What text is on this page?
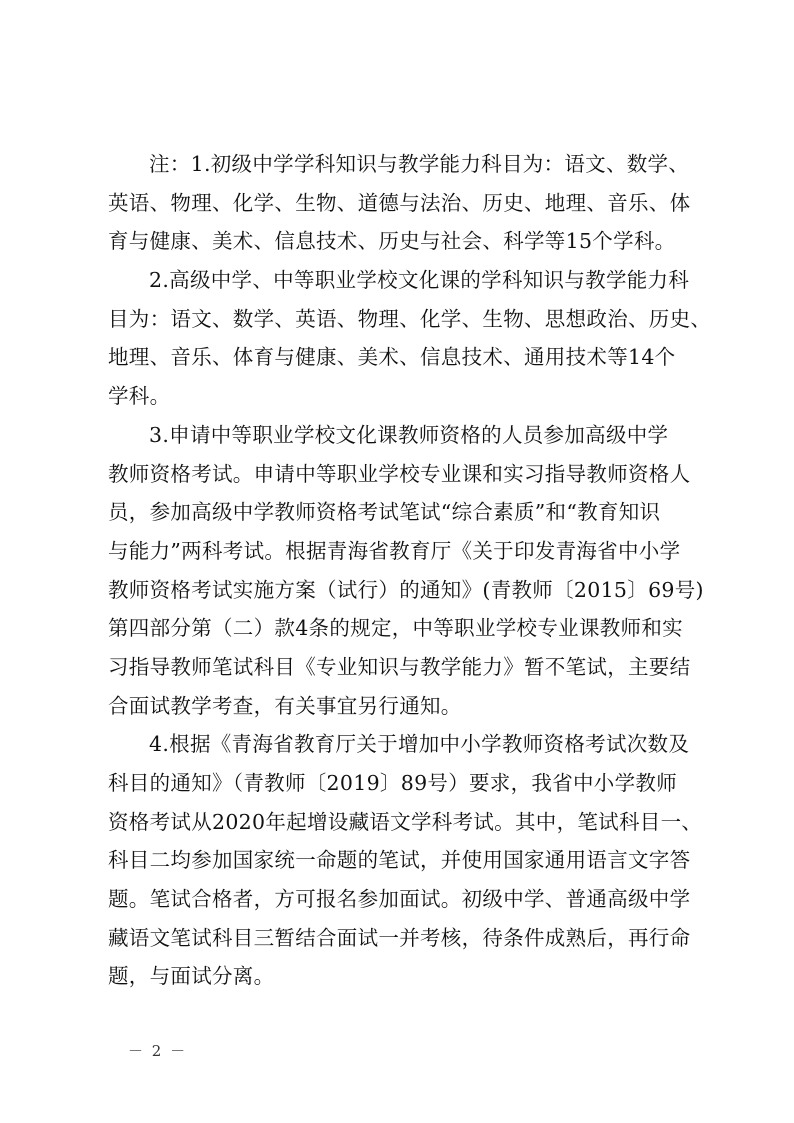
注：1.初级中学学科知识与教学能力科目为：语文、数学、
英语、物理、化学、生物、道德与法治、历史、地理、音乐、体
育与健康、美术、信息技术、历史与社会、科学等15个学科。
2.高级中学、中等职业学校文化课的学科知识与教学能力科
目为：语文、数学、英语、物理、化学、生物、思想政治、历史、
地理、音乐、体育与健康、美术、信息技术、通用技术等14个
学科。
3.申请中等职业学校文化课教师资格的人员参加高级中学
教师资格考试。申请中等职业学校专业课和实习指导教师资格人
员，参加高级中学教师资格考试笔试“综合素质”和“教育知识
与能力”两科考试。根据青海省教育厅《关于印发青海省中小学
教师资格考试实施方案（试行）的通知》(青教师〔2015〕69号)
第四部分第（二）款4条的规定，中等职业学校专业课教师和实
习指导教师笔试科目《专业知识与教学能力》暂不笔试，主要结
合面试教学考查，有关事宜另行通知。
4.根据《青海省教育厅关于增加中小学教师资格考试次数及
科目的通知》（青教师〔2019〕89号）要求，我省中小学教师
资格考试从2020年起增设藏语文学科考试。其中，笔试科目一、
科目二均参加国家统一命题的笔试，并使用国家通用语言文字答
题。笔试合格者，方可报名参加面试。初级中学、普通高级中学
藏语文笔试科目三暂结合面试一并考核，待条件成熟后，再行命
题，与面试分离。
－ 2 －
